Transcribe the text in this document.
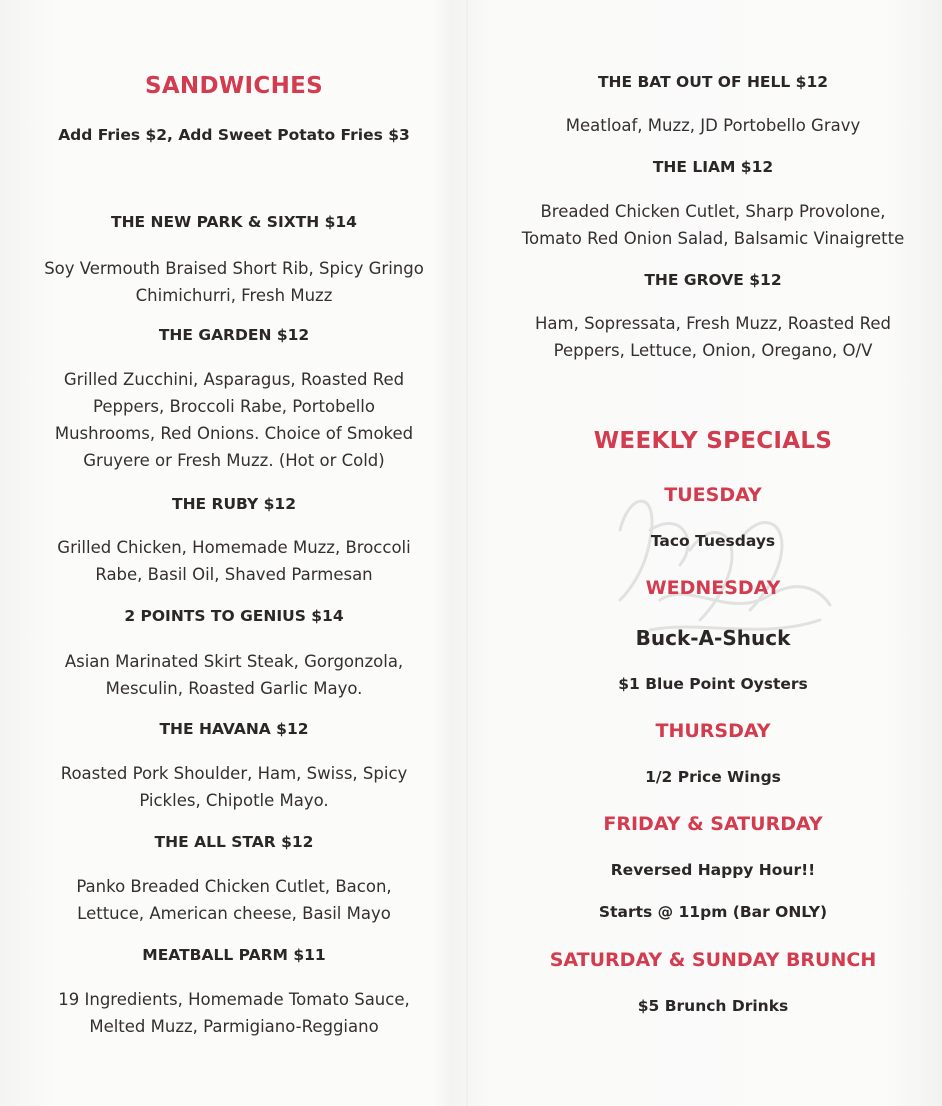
SANDWICHES
Add Fries $2, Add Sweet Potato Fries $3
THE NEW PARK & SIXTH $14
Soy Vermouth Braised Short Rib, Spicy Gringo
Chimichurri, Fresh Muzz
THE GARDEN $12
Grilled Zucchini, Asparagus, Roasted Red
Peppers, Broccoli Rabe, Portobello
Mushrooms, Red Onions. Choice of Smoked
Gruyere or Fresh Muzz. (Hot or Cold)
THE RUBY $12
Grilled Chicken, Homemade Muzz, Broccoli
Rabe, Basil Oil, Shaved Parmesan
2 POINTS TO GENIUS $14
Asian Marinated Skirt Steak, Gorgonzola,
Mesculin, Roasted Garlic Mayo.
THE HAVANA $12
Roasted Pork Shoulder, Ham, Swiss, Spicy
Pickles, Chipotle Mayo.
THE ALL STAR $12
Panko Breaded Chicken Cutlet, Bacon,
Lettuce, American cheese, Basil Mayo
MEATBALL PARM $11
19 Ingredients, Homemade Tomato Sauce,
Melted Muzz, Parmigiano-Reggiano
THE BAT OUT OF HELL $12
Meatloaf, Muzz, JD Portobello Gravy
THE LIAM $12
Breaded Chicken Cutlet, Sharp Provolone,
Tomato Red Onion Salad, Balsamic Vinaigrette
THE GROVE $12
Ham, Sopressata, Fresh Muzz, Roasted Red
Peppers, Lettuce, Onion, Oregano, O/V
WEEKLY SPECIALS
TUESDAY
Taco Tuesdays
WEDNESDAY
Buck-A-Shuck
$1 Blue Point Oysters
THURSDAY
1/2 Price Wings
FRIDAY & SATURDAY
Reversed Happy Hour!!
Starts @ 11pm (Bar ONLY)
SATURDAY & SUNDAY BRUNCH
$5 Brunch Drinks
